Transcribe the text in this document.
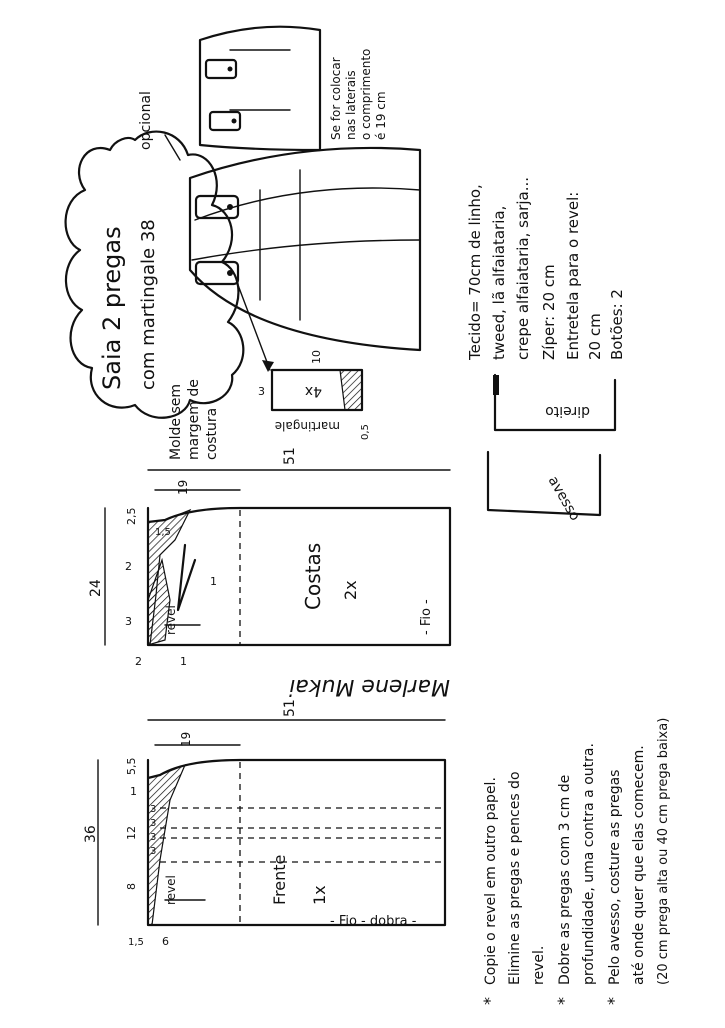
Saia 2 pregas com martingale 38
Molde sem margem de costura
opcional	Se for colocar nas laterais o comprimento é 19 cm
4x
10
3
martingale 0,5
Tecido= 70cm de linho, tweed, lã alfaiataria, crepe alfaiataria, sarja... Zíper: 20 cm Entretela para o revel: 20 cm Botões: 2
direito
avesso
Costas 2x
- Fio -
revel
51
19
24
2,5
1,5
2
1
3
2	1
Marlene Mukai
Frente 1x
- Fio - dobra -
revel
51
19
36
5,5
1
12
3
3
3
3
8
1,5 6
*
Copie o revel em outro papel. Elimine as pregas e pences do revel.
*
Dobre as pregas com 3 cm de profundidade, uma contra a outra.
*
Pelo avesso, costure as pregas até onde quer que elas comecem. (20 cm prega alta ou 40 cm prega baixa)
